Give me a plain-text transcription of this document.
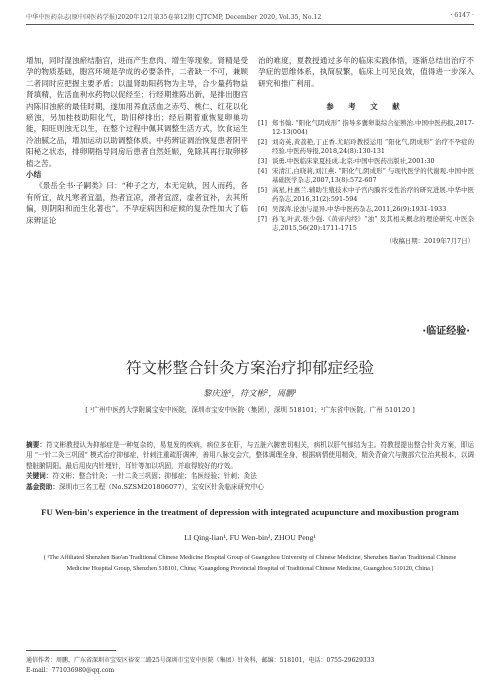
中华中医药杂志(原中国医药学报)2020年12月第35卷第12期 CJTCMP, December 2020, Vol.35, No.12	· 6147 ·

增加，同时湿浊瘀结脂宫，进而产生怠肉、增生等现象。肾精是受孕的物质基础，胞宫环境是孕成的必要条件，二者缺一不可，兼顾二者同时应把握主要矛盾；以温肾助阳药物为主导，合少量药物益肾填精，佐活血利水药物以促经至；行经期推陈出新，是排出胞宫内陈旧浊瘀的最佳时期，遂加用养血活血之赤芍、桃仁、红花以化瘀浊，另加桂枝助阳化气，助旧秽排出；经后期着重恢复卵巢功能，阳旺则浊无以生，在整个过程中佩其调整生活方式，饮食运生冷油腻之品，增加运动以助调整体质。中药辨证调治恢复患者阴平阳秘之状态，排卵期指导同房后患者自然妊娠，免除其再行取卵移植之苦。

小结

《景岳全书·子嗣类》曰：“种子之方，本无定轨，因人而药，各有所宜，故凡寒者宜温，热者宜凉，滑者宜涩，虚者宜补，去其所偏，则阴阳和而生化著也”。不孕症病因和症候的复杂性加大了临床辨证论

治的难度，夏教授通过多年的临床实践体悟，逐渐总结出治疗不孕症的思维体系，执简驭繁，临床上可见良效，值得进一步深入研究和推广利用。

参 考 文 献
[1] 郑书翰. “阳化气阴成形” 指导多囊卵巢综合征辨治.中国中医药报,2017-12-13(004)
[2] 刘奇英,黄荔艳,丁正香.尤昭玲教授运用 “阳化气,阴成形” 治疗不孕症的经验.中医药导报,2018,24(8):130-131
[3] 谈勇.中医临床家夏桂成.北京:中国中医药出版社,2001:30
[4] 宋清江,白晓莉,刘江燕. “阳化气,阴成形” 与现代医学的代谢观.中国中医基础医学杂志,2007,13(8):572-607
[5] 高星,杜惠兰.辅助生殖技术中子宫内膜容受性治疗的研究进展.中华中医药杂志,2016,31(2):591-594
[6] 吴深涛.论浊与湿异.中华中医药杂志,2011,26(9):1931-1933
[7] 孙飞,叶武.张少强.《黄帝内经》“浊” 及其相关概念的理论研究.中医杂志,2015,56(20):1711-1715
（收稿日期：2019年7月7日）
·临证经验·
符文彬整合针灸方案治疗抑郁症经验
黎庆连¹，符文彬²，周鹏¹
[ ¹广州中医药大学附属宝安中医院，深圳市宝安中医院（集团），深圳 518101；²广东省中医院，广州 510120 ]

摘要：符文彬教授认为抑郁症是一种复杂的，易复发的疾病，病位多在肝，与五脏六腑密切相关，病机以肝气郁结为主。符教授提出整合针灸方案，即运用 “一针二灸三巩固” 模式治疗抑郁症，针刺注重疏肝调神，善用八脉交会穴，整体调理全身，根据病情使用精灸，精灸背俞穴与腹部穴位治其根本，以调整脏腑阴阳。最后用皮内针埋针，耳针等加以巩固，并取得较好的疗效。

关键词：符文彬；整合针灸；一针二灸三巩固；抑郁症；名医经验；针刺；灸法

基金资助：深圳市三名工程（No.SZSM201806077），宝安区针灸临床研究中心

FU Wen-bin's experience in the treatment of depression with integrated acupuncture and moxibustion program
LI Qing-lian¹, FU Wen-bin², ZHOU Peng¹
( ¹The Affiliated Shenzhen Bao'an Traditional Chinese Medicine Hospital Group of Guangzhou University of Chinese Medicine, Shenzhen Bao'an Traditional Chinese Medicine Hospital Group, Shenzhen 518101, China; ²Guangdong Provincial Hospital of Traditional Chinese Medicine, Guangzhou 510120, China )
通信作者：周鹏，广东省深圳市宝安区裕安二路25号深圳市宝安中医院（集团）针灸科，邮编：518101，电话：0755-29629333
E-mail：771036980@qq.com
